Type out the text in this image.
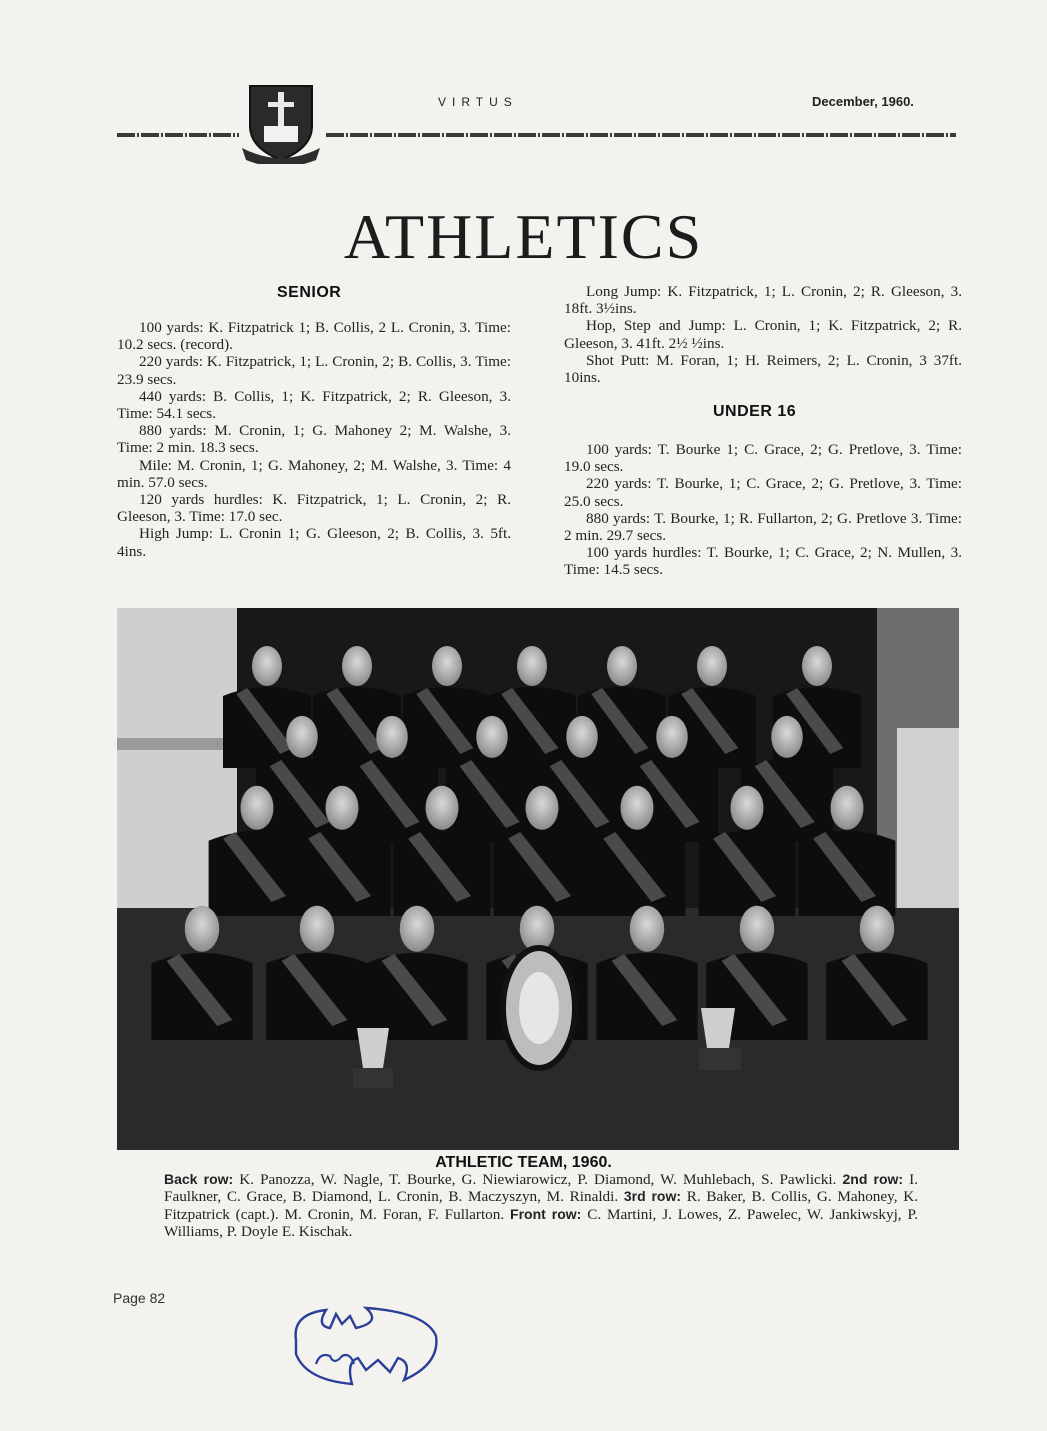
VIRTUS	December, 1960.
ATHLETICS
SENIOR

100 yards: K. Fitzpatrick 1; B. Collis, 2 L. Cronin, 3. Time: 10.2 secs. (record).

220 yards: K. Fitzpatrick, 1; L. Cronin, 2; B. Collis, 3. Time: 23.9 secs.

440 yards: B. Collis, 1; K. Fitzpatrick, 2; R. Gleeson, 3. Time: 54.1 secs.

880 yards: M. Cronin, 1; G. Mahoney 2; M. Walshe, 3. Time: 2 min. 18.3 secs.

Mile: M. Cronin, 1; G. Mahoney, 2; M. Walshe, 3. Time: 4 min. 57.0 secs.

120 yards hurdles: K. Fitzpatrick, 1; L. Cronin, 2; R. Gleeson, 3. Time: 17.0 sec.

High Jump: L. Cronin 1; G. Gleeson, 2; B. Collis, 3. 5ft. 4ins.

Long Jump: K. Fitzpatrick, 1; L. Cronin, 2; R. Gleeson, 3. 18ft. 3½ins.

Hop, Step and Jump: L. Cronin, 1; K. Fitzpatrick, 2; R. Gleeson, 3. 41ft. 2½ ½ins.

Shot Putt: M. Foran, 1; H. Reimers, 2; L. Cronin, 3 37ft. 10ins.

UNDER 16

100 yards: T. Bourke 1; C. Grace, 2; G. Pretlove, 3. Time: 19.0 secs.

220 yards: T. Bourke, 1; C. Grace, 2; G. Pretlove, 3. Time: 25.0 secs.

880 yards: T. Bourke, 1; R. Fullarton, 2; G. Pretlove 3. Time: 2 min. 29.7 secs.

100 yards hurdles: T. Bourke, 1; C. Grace, 2; N. Mullen, 3. Time: 14.5 secs.

ATHLETIC TEAM, 1960.
Back row: K. Panozza, W. Nagle, T. Bourke, G. Niewiarowicz, P. Diamond, W. Muhlebach, S. Pawlicki. 2nd row: I. Faulkner, C. Grace, B. Diamond, L. Cronin, B. Maczyszyn, M. Rinaldi. 3rd row: R. Baker, B. Collis, G. Mahoney, K. Fitzpatrick (capt.). M. Cronin, M. Foran, F. Fullarton. Front row: C. Martini, J. Lowes, Z. Pawelec, W. Jankiwskyj, P. Williams, P. Doyle E. Kischak.
Page 82
